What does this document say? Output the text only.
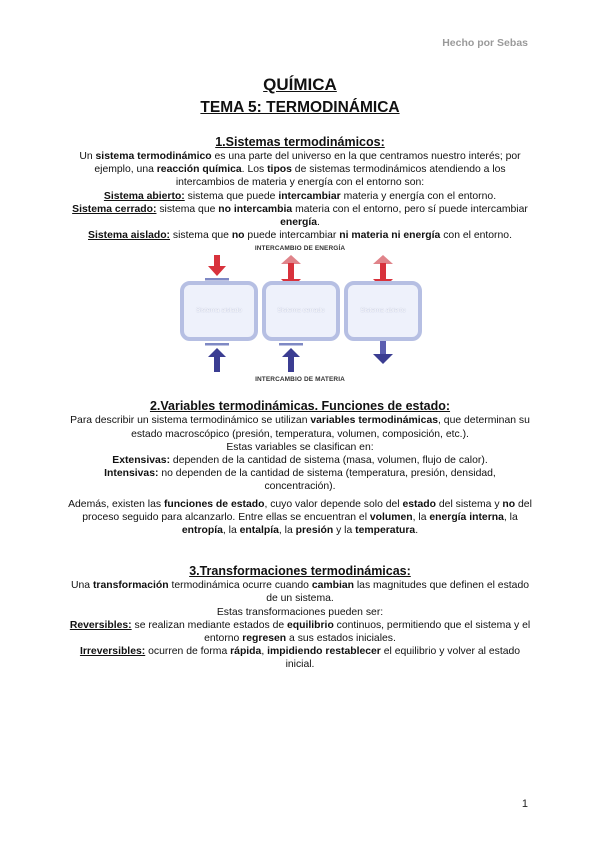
Hecho por Sebas
QUÍMICA
TEMA 5: TERMODINÁMICA
1.Sistemas termodinámicos:

Un sistema termodinámico es una parte del universo en la que centramos nuestro interés; por ejemplo, una reacción química. Los tipos de sistemas termodinámicos atendiendo a los intercambios de materia y energía con el entorno son:

Sistema abierto: sistema que puede intercambiar materia y energía con el entorno.

Sistema cerrado: sistema que no intercambia materia con el entorno, pero sí puede intercambiar energía.

Sistema aislado: sistema que no puede intercambiar ni materia ni energía con el entorno.

INTERCAMBIO DE ENERGÍA
Sistema aislado	Sistema cerrado	Sistema abierto
INTERCAMBIO DE MATERIA
2.Variables termodinámicas. Funciones de estado:

Para describir un sistema termodinámico se utilizan variables termodinámicas, que determinan su estado macroscópico (presión, temperatura, volumen, composición, etc.).

Estas variables se clasifican en:

Extensivas: dependen de la cantidad de sistema (masa, volumen, flujo de calor).

Intensivas: no dependen de la cantidad de sistema (temperatura, presión, densidad, concentración).

Además, existen las funciones de estado, cuyo valor depende solo del estado del sistema y no del proceso seguido para alcanzarlo. Entre ellas se encuentran el volumen, la energía interna, la entropía, la entalpía, la presión y la temperatura.

3.Transformaciones termodinámicas:

Una transformación termodinámica ocurre cuando cambian las magnitudes que definen el estado de un sistema.

Estas transformaciones pueden ser:

Reversibles: se realizan mediante estados de equilibrio continuos, permitiendo que el sistema y el entorno regresen a sus estados iniciales.

Irreversibles: ocurren de forma rápida, impidiendo restablecer el equilibrio y volver al estado inicial.

1
